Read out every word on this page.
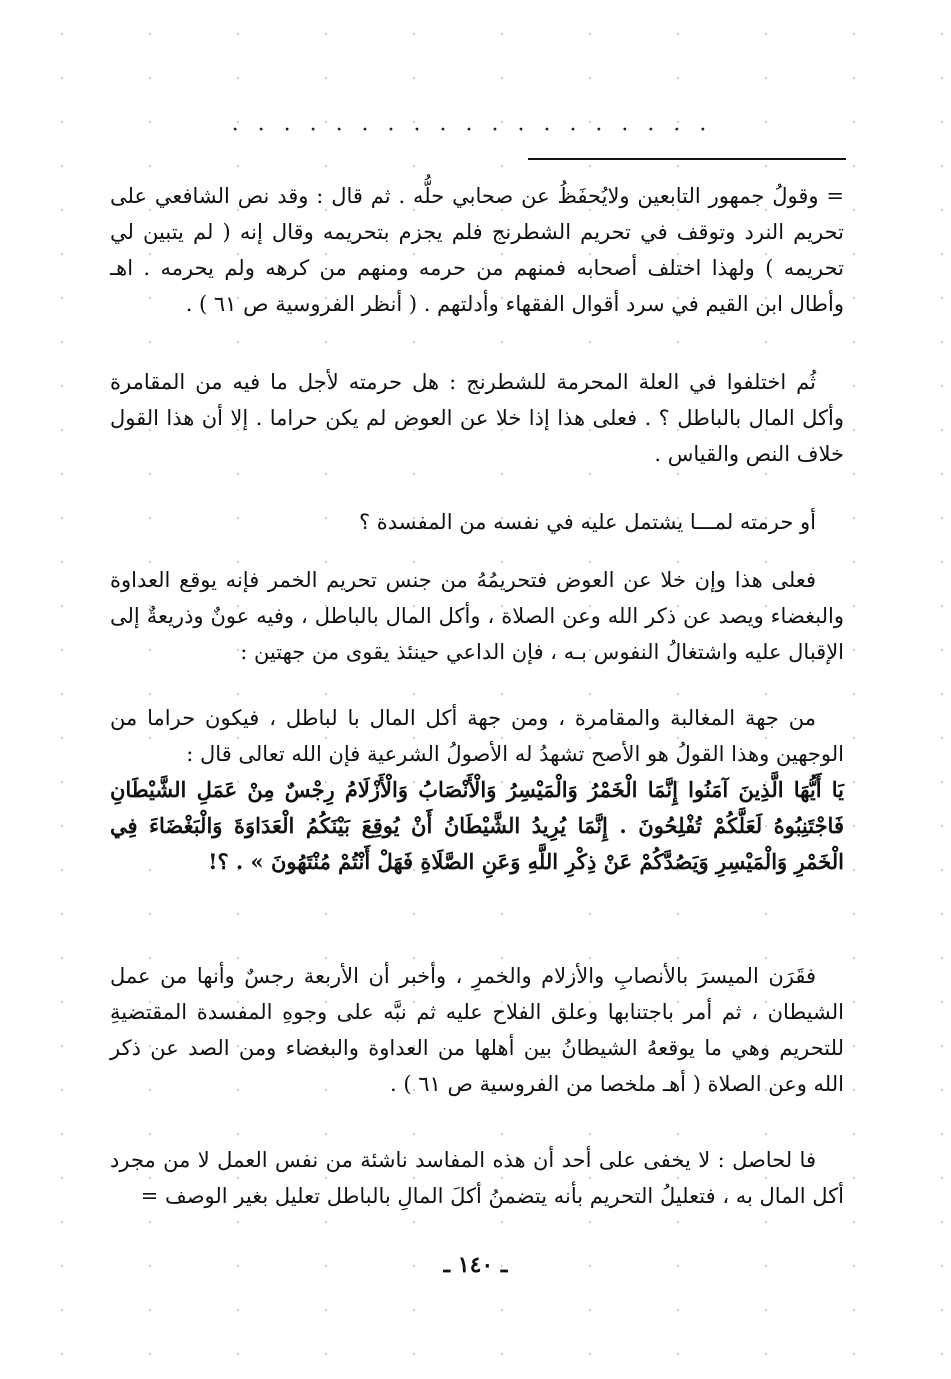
· · · · · · · · · · · · · · · · · · ·

= وقولُ جمهور التابعين ولايُحفَظُ عن صحابي حلُّه . ثم قال : وقد نص الشافعي على تحريم النرد وتوقف في تحريم الشطرنج فلم يجزم بتحريمه وقال إنه ( لم يتبين لي تحريمه ) ولهذا اختلف أصحابه فمنهم من حرمه ومنهم من كرهه ولم يحرمه . اهـ وأطال ابن القيم في سرد أقوال الفقهاء وأدلتهم . ( أنظر الفروسية ص ٦١ ) .

ثُم اختلفوا في العلة المحرمة للشطرنج : هل حرمته لأجل ما فيه من المقامرة وأكل المال بالباطل ؟ . فعلى هذا إذا خلا عن العوض لم يكن حراما . إلا أن هذا القول خلاف النص والقياس .

أو حرمته لمـــا يشتمل عليه في نفسه من المفسدة ؟

فعلى هذا وإن خلا عن العوض فتحريمُهُ من جنس تحريم الخمر فإنه يوقع العداوة والبغضاء ويصد عن ذكر الله وعن الصلاة ، وأكل المال بالباطل ، وفيه عونٌ وذريعةٌ إلى الإقبال عليه واشتغالُ النفوس بـه ، فإن الداعي حينئذ يقوى من جهتين :

من جهة المغالبة والمقامرة ، ومن جهة أكل المال با لباطل ، فيكون حراما من الوجهين وهذا القولُ هو الأصح تشهدُ له الأصولُ الشرعية فإن الله تعالى قال :

يَا أَيُّهَا الَّذِينَ آمَنُوا إِنَّمَا الْخَمْرُ وَالْمَيْسِرُ وَالْأَنْصَابُ وَالْأَزْلَامُ رِجْسٌ مِنْ عَمَلِ الشَّيْطَانِ فَاجْتَنِبُوهُ لَعَلَّكُمْ تُفْلِحُونَ . إِنَّمَا يُرِيدُ الشَّيْطَانُ أَنْ يُوقِعَ بَيْنَكُمُ الْعَدَاوَةَ وَالْبَغْضَاءَ فِي الْخَمْرِ وَالْمَيْسِرِ وَيَصُدَّكُمْ عَنْ ذِكْرِ اللَّهِ وَعَنِ الصَّلَاةِ فَهَلْ أَنْتُمْ مُنْتَهُونَ » . ؟!

فقَرَن الميسرَ بالأنصابِ والأزلام والخمرِ ، وأخبر أن الأربعة رجسٌ وأنها من عمل الشيطان ، ثم أمر باجتنابها وعلق الفلاح عليه ثم نبَّه على وجوهِ المفسدة المقتضيةِ للتحريم وهي ما يوقعهُ الشيطانُ بين أهلها من العداوة والبغضاء ومن الصد عن ذكر الله وعن الصلاة ( أهـ ملخصا من الفروسية ص ٦١ ) .

فا لحاصل : لا يخفى على أحد أن هذه المفاسد ناشئة من نفس العمل لا من مجرد أكل المال به ، فتعليلُ التحريم بأنه يتضمنُ أكلَ المالِ بالباطل تعليل بغير الوصف =

ـ ١٤٠ ـ
